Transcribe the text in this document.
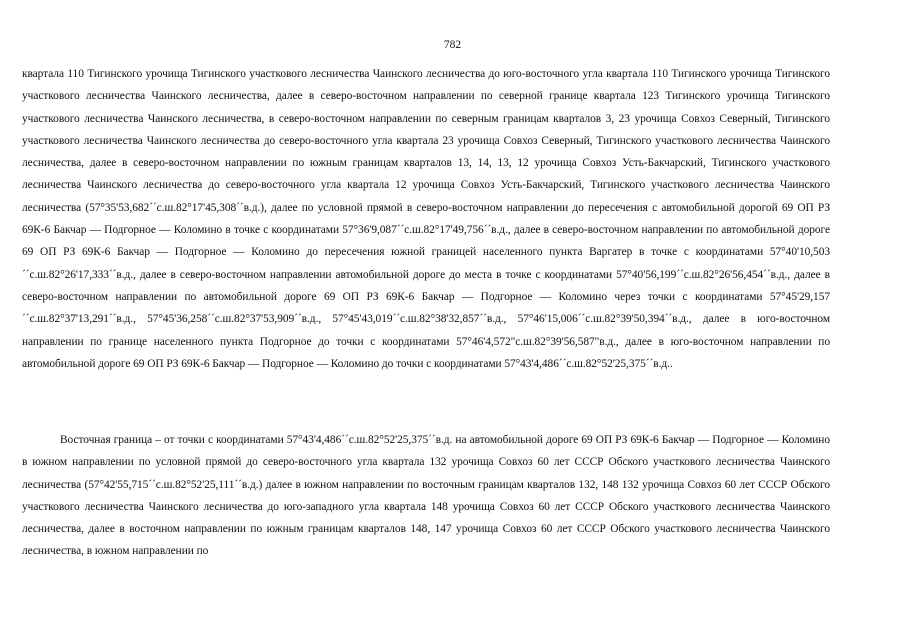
782

квартала 110 Тигинского урочища Тигинского участкового лесничества Чаинского лесничества до юго-восточного угла квартала 110 Тигинского урочища Тигинского участкового лесничества Чаинского лесничества, далее в северо-восточном направлении по северной границе квартала 123 Тигинского урочища Тигинского участкового лесничества Чаинского лесничества, в северо-восточном направлении по северным границам кварталов 3, 23 урочища Совхоз Северный, Тигинского участкового лесничества Чаинского лесничества до северо-восточного угла квартала 23 урочища Совхоз Северный, Тигинского участкового лесничества Чаинского лесничества, далее в северо-восточном направлении по южным границам кварталов 13, 14, 13, 12 урочища Совхоз Усть-Бакчарский, Тигинского участкового лесничества Чаинского лесничества до северо-восточного угла квартала 12 урочища Совхоз Усть-Бакчарский, Тигинского участкового лесничества Чаинского лесничества (57°35'53,682´´с.ш.82°17'45,308´´в.д.), далее по условной прямой в северо-восточном направлении до пересечения с автомобильной дорогой 69 ОП РЗ 69К-6 Бакчар — Подгорное — Коломино в точке с координатами 57°36'9,087´´с.ш.82°17'49,756´´в.д., далее в северо-восточном направлении по автомобильной дороге 69 ОП РЗ 69К-6 Бакчар — Подгорное — Коломино до пересечения южной границей населенного пункта Варгатер в точке с координатами 57°40'10,503´´с.ш.82°26'17,333´´в.д., далее в северо-восточном направлении автомобильной дороге до места в точке с координатами 57°40'56,199´´с.ш.82°26'56,454´´в.д., далее в северо-восточном направлении по автомобильной дороге 69 ОП РЗ 69К-6 Бакчар — Подгорное — Коломино через точки с координатами 57°45'29,157´´с.ш.82°37'13,291´´в.д., 57°45'36,258´´с.ш.82°37'53,909´´в.д., 57°45'43,019´´с.ш.82°38'32,857´´в.д., 57°46'15,006´´с.ш.82°39'50,394´´в.д., далее в юго-восточном направлении по границе населенного пункта Подгорное до точки с координатами 57°46'4,572"с.ш.82°39'56,587"в.д., далее в юго-восточном направлении по автомобильной дороге 69 ОП РЗ 69К-6 Бакчар — Подгорное — Коломино до точки с координатами 57°43'4,486´´с.ш.82°52'25,375´´в.д..

Восточная граница – от точки с координатами 57°43'4,486´´с.ш.82°52'25,375´´в.д. на автомобильной дороге 69 ОП РЗ 69К-6 Бакчар — Подгорное — Коломино в южном направлении по условной прямой до северо-восточного угла квартала 132 урочища Совхоз 60 лет СССР Обского участкового лесничества Чаинского лесничества (57°42'55,715´´с.ш.82°52'25,111´´в.д.) далее в южном направлении по восточным границам кварталов 132, 148 132 урочища Совхоз 60 лет СССР Обского участкового лесничества Чаинского лесничества до юго-западного угла квартала 148 урочища Совхоз 60 лет СССР Обского участкового лесничества Чаинского лесничества, далее в восточном направлении по южным границам кварталов 148, 147 урочища Совхоз 60 лет СССР Обского участкового лесничества Чаинского лесничества, в южном направлении по
